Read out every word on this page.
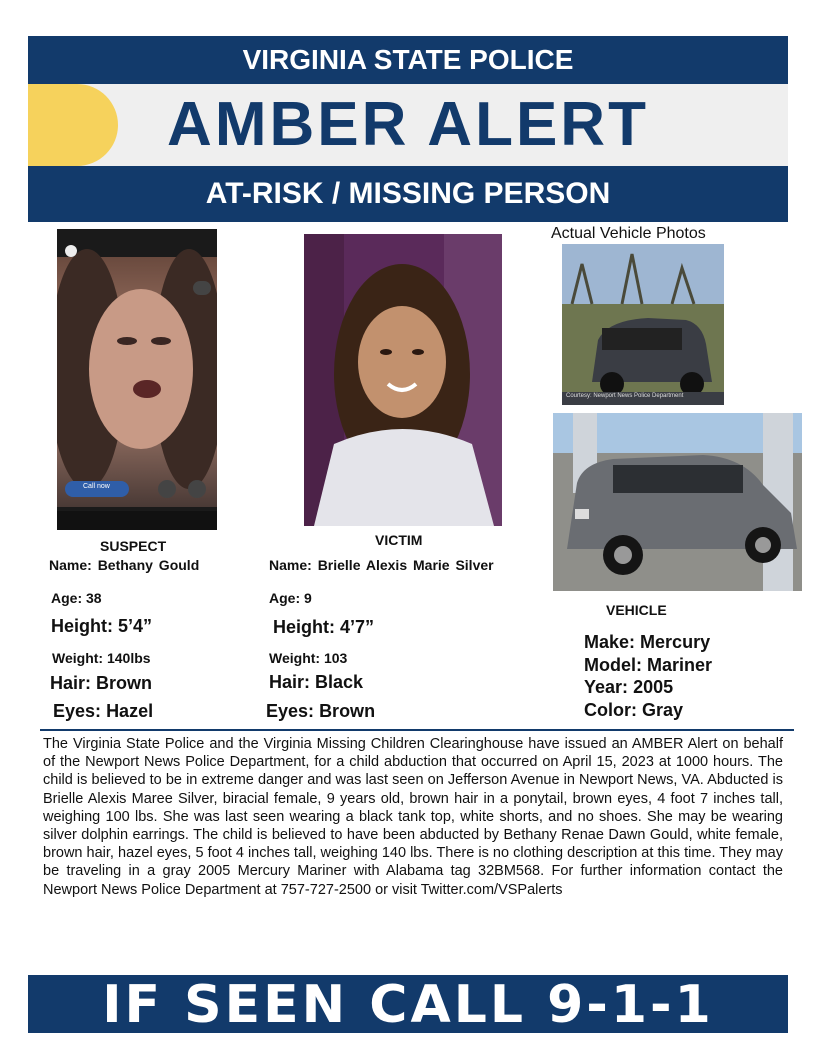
VIRGINIA STATE POLICE
AMBER ALERT
AT-RISK / MISSING PERSON
Call now
Actual Vehicle Photos
Courtesy: Newport News Police Department
SUSPECT
Name: Bethany Gould
Age: 38
Height: 5’4”
Weight: 140lbs
Hair: Brown
Eyes: Hazel
VICTIM
Name: Brielle Alexis Marie Silver
Age: 9
Height: 4’7”
Weight: 103
Hair: Black
Eyes: Brown
VEHICLE
Make: Mercury
Model: Mariner
Year: 2005
Color: Gray
The Virginia State Police and the Virginia Missing Children Clearinghouse have issued an AMBER Alert on behalf of the Newport News Police Department, for a child abduction that occurred on April 15, 2023 at 1000 hours. The child is believed to be in extreme danger and was last seen on Jefferson Avenue in Newport News, VA. Abducted is Brielle Alexis Maree Silver, biracial female, 9 years old, brown hair in a ponytail, brown eyes, 4 foot 7 inches tall, weighing 100 lbs. She was last seen wearing a black tank top, white shorts, and no shoes. She may be wearing silver dolphin earrings. The child is believed to have been abducted by Bethany Renae Dawn Gould, white female, brown hair, hazel eyes, 5 foot 4 inches tall, weighing 140 lbs. There is no clothing description at this time. They may be traveling in a gray 2005 Mercury Mariner with Alabama tag 32BM568. For further information contact the Newport News Police Department at 757-727-2500 or visit Twitter.com/VSPalerts
IF SEEN CALL 9-1-1
